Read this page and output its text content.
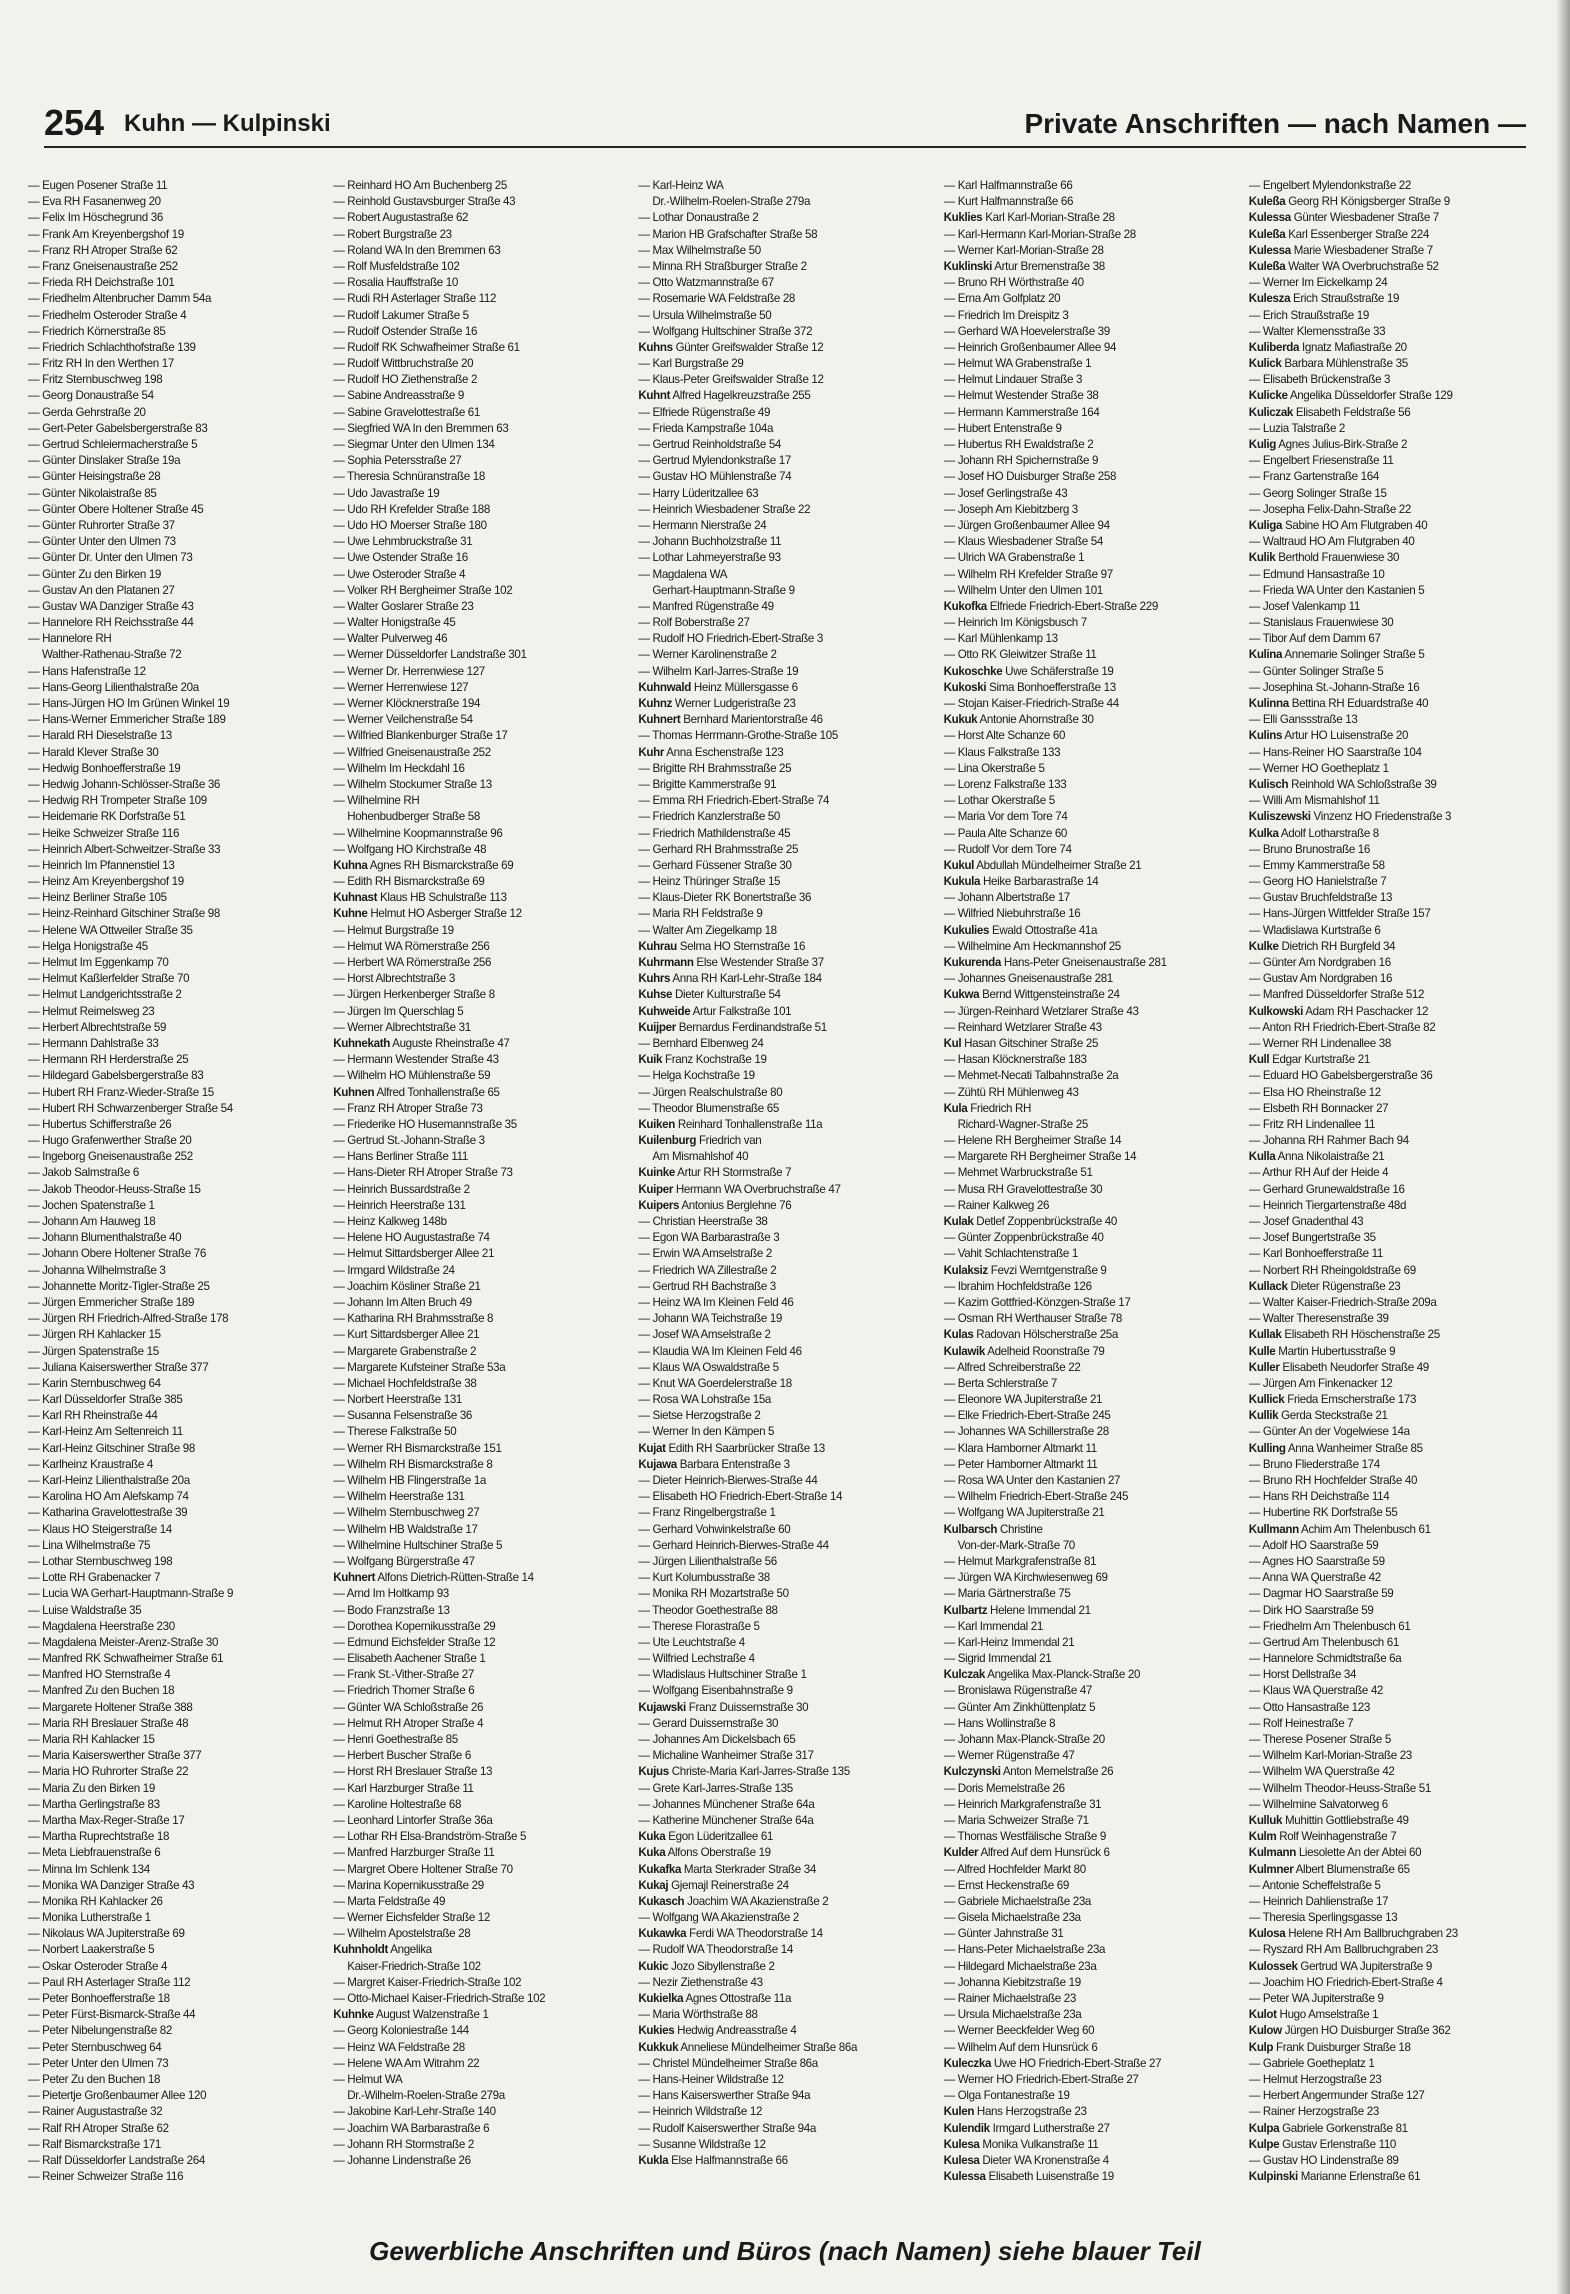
254 Kuhn — Kulpinski	Private Anschriften — nach Namen —
— Eugen Posener Straße 11
— Eva RH Fasanenweg 20
— Felix Im Höschegrund 36
— Frank Am Kreyenbergshof 19
— Franz RH Atroper Straße 62
— Franz Gneisenaustraße 252
— Frieda RH Deichstraße 101
— Friedhelm Altenbrucher Damm 54a
— Friedhelm Osteroder Straße 4
— Friedrich Körnerstraße 85
— Friedrich Schlachthofstraße 139
— Fritz RH In den Werthen 17
— Fritz Sternbuschweg 198
— Georg Donaustraße 54
— Gerda Gehrstraße 20
— Gert-Peter Gabelsbergerstraße 83
— Gertrud Schleiermacherstraße 5
— Günter Dinslaker Straße 19a
— Günter Heisingstraße 28
— Günter Nikolaistraße 85
— Günter Obere Holtener Straße 45
— Günter Ruhrorter Straße 37
— Günter Unter den Ulmen 73
— Günter Dr. Unter den Ulmen 73
— Günter Zu den Birken 19
— Gustav An den Platanen 27
— Gustav WA Danziger Straße 43
— Hannelore RH Reichsstraße 44
— Hannelore RH
Walther-Rathenau-Straße 72
— Hans Hafenstraße 12
— Hans-Georg Lilienthalstraße 20a
— Hans-Jürgen HO Im Grünen Winkel 19
— Hans-Werner Emmericher Straße 189
— Harald RH Dieselstraße 13
— Harald Klever Straße 30
— Hedwig Bonhoefferstraße 19
— Hedwig Johann-Schlösser-Straße 36
— Hedwig RH Trompeter Straße 109
— Heidemarie RK Dorfstraße 51
— Heike Schweizer Straße 116
— Heinrich Albert-Schweitzer-Straße 33
— Heinrich Im Pfannenstiel 13
— Heinz Am Kreyenbergshof 19
— Heinz Berliner Straße 105
— Heinz-Reinhard Gitschiner Straße 98
— Helene WA Ottweiler Straße 35
— Helga Honigstraße 45
— Helmut Im Eggenkamp 70
— Helmut Kaßlerfelder Straße 70
— Helmut Landgerichtsstraße 2
— Helmut Reimelsweg 23
— Herbert Albrechtstraße 59
— Hermann Dahlstraße 33
— Hermann RH Herderstraße 25
— Hildegard Gabelsbergerstraße 83
— Hubert RH Franz-Wieder-Straße 15
— Hubert RH Schwarzenberger Straße 54
— Hubertus Schifferstraße 26
— Hugo Grafenwerther Straße 20
— Ingeborg Gneisenaustraße 252
— Jakob Salmstraße 6
— Jakob Theodor-Heuss-Straße 15
— Jochen Spatenstraße 1
— Johann Am Hauweg 18
— Johann Blumenthalstraße 40
— Johann Obere Holtener Straße 76
— Johanna Wilhelmstraße 3
— Johannette Moritz-Tigler-Straße 25
— Jürgen Emmericher Straße 189
— Jürgen RH Friedrich-Alfred-Straße 178
— Jürgen RH Kahlacker 15
— Jürgen Spatenstraße 15
— Juliana Kaiserswerther Straße 377
— Karin Sternbuschweg 64
— Karl Düsseldorfer Straße 385
— Karl RH Rheinstraße 44
— Karl-Heinz Am Seltenreich 11
— Karl-Heinz Gitschiner Straße 98
— Karlheinz Kraustraße 4
— Karl-Heinz Lilienthalstraße 20a
— Karolina HO Am Alefskamp 74
— Katharina Gravelottestraße 39
— Klaus HO Steigerstraße 14
— Lina Wilhelmstraße 75
— Lothar Sternbuschweg 198
— Lotte RH Grabenacker 7
— Lucia WA Gerhart-Hauptmann-Straße 9
— Luise Waldstraße 35
— Magdalena Heerstraße 230
— Magdalena Meister-Arenz-Straße 30
— Manfred RK Schwafheimer Straße 61
— Manfred HO Sternstraße 4
— Manfred Zu den Buchen 18
— Margarete Holtener Straße 388
— Maria RH Breslauer Straße 48
— Maria RH Kahlacker 15
— Maria Kaiserswerther Straße 377
— Maria HO Ruhrorter Straße 22
— Maria Zu den Birken 19
— Martha Gerlingstraße 83
— Martha Max-Reger-Straße 17
— Martha Ruprechtstraße 18
— Meta Liebfrauenstraße 6
— Minna Im Schlenk 134
— Monika WA Danziger Straße 43
— Monika RH Kahlacker 26
— Monika Lutherstraße 1
— Nikolaus WA Jupiterstraße 69
— Norbert Laakerstraße 5
— Oskar Osteroder Straße 4
— Paul RH Asterlager Straße 112
— Peter Bonhoefferstraße 18
— Peter Fürst-Bismarck-Straße 44
— Peter Nibelungenstraße 82
— Peter Sternbuschweg 64
— Peter Unter den Ulmen 73
— Peter Zu den Buchen 18
— Pietertje Großenbaumer Allee 120
— Rainer Augustastraße 32
— Ralf RH Atroper Straße 62
— Ralf Bismarckstraße 171
— Ralf Düsseldorfer Landstraße 264
— Reiner Schweizer Straße 116
— Reinhard HO Am Buchenberg 25
— Reinhold Gustavsburger Straße 43
— Robert Augustastraße 62
— Robert Burgstraße 23
— Roland WA In den Bremmen 63
— Rolf Musfeldstraße 102
— Rosalia Hauffstraße 10
— Rudi RH Asterlager Straße 112
— Rudolf Lakumer Straße 5
— Rudolf Ostender Straße 16
— Rudolf RK Schwafheimer Straße 61
— Rudolf Wittbruchstraße 20
— Rudolf HO Ziethenstraße 2
— Sabine Andreasstraße 9
— Sabine Gravelottestraße 61
— Siegfried WA In den Bremmen 63
— Siegmar Unter den Ulmen 134
— Sophia Petersstraße 27
— Theresia Schnüranstraße 18
— Udo Javastraße 19
— Udo RH Krefelder Straße 188
— Udo HO Moerser Straße 180
— Uwe Lehmbruckstraße 31
— Uwe Ostender Straße 16
— Uwe Osteroder Straße 4
— Volker RH Bergheimer Straße 102
— Walter Goslarer Straße 23
— Walter Honigstraße 45
— Walter Pulverweg 46
— Werner Düsseldorfer Landstraße 301
— Werner Dr. Herrenwiese 127
— Werner Herrenwiese 127
— Werner Klöcknerstraße 194
— Werner Veilchenstraße 54
— Wilfried Blankenburger Straße 17
— Wilfried Gneisenaustraße 252
— Wilhelm Im Heckdahl 16
— Wilhelm Stockumer Straße 13
— Wilhelmine RH
Hohenbudberger Straße 58
— Wilhelmine Koopmannstraße 96
— Wolfgang HO Kirchstraße 48
Kuhna Agnes RH Bismarckstraße 69
— Edith RH Bismarckstraße 69
Kuhnast Klaus HB Schulstraße 113
Kuhne Helmut HO Asberger Straße 12
— Helmut Burgstraße 19
— Helmut WA Römerstraße 256
— Herbert WA Römerstraße 256
— Horst Albrechtstraße 3
— Jürgen Herkenberger Straße 8
— Jürgen Im Querschlag 5
— Werner Albrechtstraße 31
Kuhnekath Auguste Rheinstraße 47
— Hermann Westender Straße 43
— Wilhelm HO Mühlenstraße 59
Kuhnen Alfred Tonhallenstraße 65
— Franz RH Atroper Straße 73
— Friederike HO Husemannstraße 35
— Gertrud St.-Johann-Straße 3
— Hans Berliner Straße 111
— Hans-Dieter RH Atroper Straße 73
— Heinrich Bussardstraße 2
— Heinrich Heerstraße 131
— Heinz Kalkweg 148b
— Helene HO Augustastraße 74
— Helmut Sittardsberger Allee 21
— Irmgard Wildstraße 24
— Joachim Kösliner Straße 21
— Johann Im Alten Bruch 49
— Katharina RH Brahmsstraße 8
— Kurt Sittardsberger Allee 21
— Margarete Grabenstraße 2
— Margarete Kufsteiner Straße 53a
— Michael Hochfeldstraße 38
— Norbert Heerstraße 131
— Susanna Felsenstraße 36
— Therese Falkstraße 50
— Werner RH Bismarckstraße 151
— Wilhelm RH Bismarckstraße 8
— Wilhelm HB Flingerstraße 1a
— Wilhelm Heerstraße 131
— Wilhelm Sternbuschweg 27
— Wilhelm HB Waldstraße 17
— Wilhelmine Hultschiner Straße 5
— Wolfgang Bürgerstraße 47
Kuhnert Alfons Dietrich-Rütten-Straße 14
— Arnd Im Holtkamp 93
— Bodo Franzstraße 13
— Dorothea Kopernikusstraße 29
— Edmund Eichsfelder Straße 12
— Elisabeth Aachener Straße 1
— Frank St.-Vither-Straße 27
— Friedrich Thomer Straße 6
— Günter WA Schloßstraße 26
— Helmut RH Atroper Straße 4
— Henri Goethestraße 85
— Herbert Buscher Straße 6
— Horst RH Breslauer Straße 13
— Karl Harzburger Straße 11
— Karoline Holtestraße 68
— Leonhard Lintorfer Straße 36a
— Lothar RH Elsa-Brandström-Straße 5
— Manfred Harzburger Straße 11
— Margret Obere Holtener Straße 70
— Marina Kopernikusstraße 29
— Marta Feldstraße 49
— Werner Eichsfelder Straße 12
— Wilhelm Apostelstraße 28
Kuhnholdt Angelika
Kaiser-Friedrich-Straße 102
— Margret Kaiser-Friedrich-Straße 102
— Otto-Michael Kaiser-Friedrich-Straße 102
Kuhnke August Walzenstraße 1
— Georg Koloniestraße 144
— Heinz WA Feldstraße 28
— Helene WA Am Witrahm 22
— Helmut WA
Dr.-Wilhelm-Roelen-Straße 279a
— Jakobine Karl-Lehr-Straße 140
— Joachim WA Barbarastraße 6
— Johann RH Stormstraße 2
— Johanne Lindenstraße 26
— Karl-Heinz WA
Dr.-Wilhelm-Roelen-Straße 279a
— Lothar Donaustraße 2
— Marion HB Grafschafter Straße 58
— Max Wilhelmstraße 50
— Minna RH Straßburger Straße 2
— Otto Watzmannstraße 67
— Rosemarie WA Feldstraße 28
— Ursula Wilhelmstraße 50
— Wolfgang Hultschiner Straße 372
Kuhns Günter Greifswalder Straße 12
— Karl Burgstraße 29
— Klaus-Peter Greifswalder Straße 12
Kuhnt Alfred Hagelkreuzstraße 255
— Elfriede Rügenstraße 49
— Frieda Kampstraße 104a
— Gertrud Reinholdstraße 54
— Gertrud Mylendonkstraße 17
— Gustav HO Mühlenstraße 74
— Harry Lüderitzallee 63
— Heinrich Wiesbadener Straße 22
— Hermann Nierstraße 24
— Johann Buchholzstraße 11
— Lothar Lahmeyerstraße 93
— Magdalena WA
Gerhart-Hauptmann-Straße 9
— Manfred Rügenstraße 49
— Rolf Boberstraße 27
— Rudolf HO Friedrich-Ebert-Straße 3
— Werner Karolinenstraße 2
— Wilhelm Karl-Jarres-Straße 19
Kuhnwald Heinz Müllersgasse 6
Kuhnz Werner Ludgeristraße 23
Kuhnert Bernhard Marientorstraße 46
— Thomas Herrmann-Grothe-Straße 105
Kuhr Anna Eschenstraße 123
— Brigitte RH Brahmsstraße 25
— Brigitte Kammerstraße 91
— Emma RH Friedrich-Ebert-Straße 74
— Friedrich Kanzlerstraße 50
— Friedrich Mathildenstraße 45
— Gerhard RH Brahmsstraße 25
— Gerhard Füssener Straße 30
— Heinz Thüringer Straße 15
— Klaus-Dieter RK Bonertstraße 36
— Maria RH Feldstraße 9
— Walter Am Ziegelkamp 18
Kuhrau Selma HO Sternstraße 16
Kuhrmann Else Westender Straße 37
Kuhrs Anna RH Karl-Lehr-Straße 184
Kuhse Dieter Kulturstraße 54
Kuhweide Artur Falkstraße 101
Kuijper Bernardus Ferdinandstraße 51
— Bernhard Elbenweg 24
Kuik Franz Kochstraße 19
— Helga Kochstraße 19
— Jürgen Realschulstraße 80
— Theodor Blumenstraße 65
Kuiken Reinhard Tonhallenstraße 11a
Kuilenburg Friedrich van
Am Mismahlshof 40
Kuinke Artur RH Stormstraße 7
Kuiper Hermann WA Overbruchstraße 47
Kuipers Antonius Berglehne 76
— Christian Heerstraße 38
— Egon WA Barbarastraße 3
— Erwin WA Amselstraße 2
— Friedrich WA Zillestraße 2
— Gertrud RH Bachstraße 3
— Heinz WA Im Kleinen Feld 46
— Johann WA Teichstraße 19
— Josef WA Amselstraße 2
— Klaudia WA Im Kleinen Feld 46
— Klaus WA Oswaldstraße 5
— Knut WA Goerdelerstraße 18
— Rosa WA Lohstraße 15a
— Sietse Herzogstraße 2
— Werner In den Kämpen 5
Kujat Edith RH Saarbrücker Straße 13
Kujawa Barbara Entenstraße 3
— Dieter Heinrich-Bierwes-Straße 44
— Elisabeth HO Friedrich-Ebert-Straße 14
— Franz Ringelbergstraße 1
— Gerhard Vohwinkelstraße 60
— Gerhard Heinrich-Bierwes-Straße 44
— Jürgen Lilienthalstraße 56
— Kurt Kolumbusstraße 38
— Monika RH Mozartstraße 50
— Theodor Goethestraße 88
— Therese Florastraße 5
— Ute Leuchtstraße 4
— Wilfried Lechstraße 4
— Wladislaus Hultschiner Straße 1
— Wolfgang Eisenbahnstraße 9
Kujawski Franz Duissernstraße 30
— Gerard Duissernstraße 30
— Johannes Am Dickelsbach 65
— Michaline Wanheimer Straße 317
Kujus Christe-Maria Karl-Jarres-Straße 135
— Grete Karl-Jarres-Straße 135
— Johannes Münchener Straße 64a
— Katherine Münchener Straße 64a
Kuka Egon Lüderitzallee 61
Kuka Alfons Oberstraße 19
Kukafka Marta Sterkrader Straße 34
Kukaj Gjemajl Reinerstraße 24
Kukasch Joachim WA Akazienstraße 2
— Wolfgang WA Akazienstraße 2
Kukawka Ferdi WA Theodorstraße 14
— Rudolf WA Theodorstraße 14
Kukic Jozo Sibyllenstraße 2
— Nezir Ziethenstraße 43
Kukielka Agnes Ottostraße 11a
— Maria Wörthstraße 88
Kukies Hedwig Andreasstraße 4
Kukkuk Anneliese Mündelheimer Straße 86a
— Christel Mündelheimer Straße 86a
— Hans-Heiner Wildstraße 12
— Hans Kaiserswerther Straße 94a
— Heinrich Wildstraße 12
— Rudolf Kaiserswerther Straße 94a
— Susanne Wildstraße 12
Kukla Else Halfmannstraße 66
— Karl Halfmannstraße 66
— Kurt Halfmannstraße 66
Kuklies Karl Karl-Morian-Straße 28
— Karl-Hermann Karl-Morian-Straße 28
— Werner Karl-Morian-Straße 28
Kuklinski Artur Bremenstraße 38
— Bruno RH Wörthstraße 40
— Erna Am Golfplatz 20
— Friedrich Im Dreispitz 3
— Gerhard WA Hoevelerstraße 39
— Heinrich Großenbaumer Allee 94
— Helmut WA Grabenstraße 1
— Helmut Lindauer Straße 3
— Helmut Westender Straße 38
— Hermann Kammerstraße 164
— Hubert Entenstraße 9
— Hubertus RH Ewaldstraße 2
— Johann RH Spichernstraße 9
— Josef HO Duisburger Straße 258
— Josef Gerlingstraße 43
— Joseph Am Kiebitzberg 3
— Jürgen Großenbaumer Allee 94
— Klaus Wiesbadener Straße 54
— Ulrich WA Grabenstraße 1
— Wilhelm RH Krefelder Straße 97
— Wilhelm Unter den Ulmen 101
Kukofka Elfriede Friedrich-Ebert-Straße 229
— Heinrich Im Königsbusch 7
— Karl Mühlenkamp 13
— Otto RK Gleiwitzer Straße 11
Kukoschke Uwe Schäferstraße 19
Kukoski Sima Bonhoefferstraße 13
— Stojan Kaiser-Friedrich-Straße 44
Kukuk Antonie Ahornstraße 30
— Horst Alte Schanze 60
— Klaus Falkstraße 133
— Lina Okerstraße 5
— Lorenz Falkstraße 133
— Lothar Okerstraße 5
— Maria Vor dem Tore 74
— Paula Alte Schanze 60
— Rudolf Vor dem Tore 74
Kukul Abdullah Mündelheimer Straße 21
Kukula Heike Barbarastraße 14
— Johann Albertstraße 17
— Wilfried Niebuhrstraße 16
Kukulies Ewald Ottostraße 41a
— Wilhelmine Am Heckmannshof 25
Kukurenda Hans-Peter Gneisenaustraße 281
— Johannes Gneisenaustraße 281
Kukwa Bernd Wittgensteinstraße 24
— Jürgen-Reinhard Wetzlarer Straße 43
— Reinhard Wetzlarer Straße 43
Kul Hasan Gitschiner Straße 25
— Hasan Klöcknerstraße 183
— Mehmet-Necati Talbahnstraße 2a
— Zühtü RH Mühlenweg 43
Kula Friedrich RH
Richard-Wagner-Straße 25
— Helene RH Bergheimer Straße 14
— Margarete RH Bergheimer Straße 14
— Mehmet Warbruckstraße 51
— Musa RH Gravelottestraße 30
— Rainer Kalkweg 26
Kulak Detlef Zoppenbrückstraße 40
— Günter Zoppenbrückstraße 40
— Vahit Schlachtenstraße 1
Kulaksiz Fevzi Werntgenstraße 9
— Ibrahim Hochfeldstraße 126
— Kazim Gottfried-Könzgen-Straße 17
— Osman RH Werthauser Straße 78
Kulas Radovan Hölscherstraße 25a
Kulawik Adelheid Roonstraße 79
— Alfred Schreiberstraße 22
— Berta Schlerstraße 7
— Eleonore WA Jupiterstraße 21
— Elke Friedrich-Ebert-Straße 245
— Johannes WA Schillerstraße 28
— Klara Hamborner Altmarkt 11
— Peter Hamborner Altmarkt 11
— Rosa WA Unter den Kastanien 27
— Wilhelm Friedrich-Ebert-Straße 245
— Wolfgang WA Jupiterstraße 21
Kulbarsch Christine
Von-der-Mark-Straße 70
— Helmut Markgrafenstraße 81
— Jürgen WA Kirchwiesenweg 69
— Maria Gärtnerstraße 75
Kulbartz Helene Immendal 21
— Karl Immendal 21
— Karl-Heinz Immendal 21
— Sigrid Immendal 21
Kulczak Angelika Max-Planck-Straße 20
— Bronislawa Rügenstraße 47
— Günter Am Zinkhüttenplatz 5
— Hans Wollinstraße 8
— Johann Max-Planck-Straße 20
— Werner Rügenstraße 47
Kulczynski Anton Memelstraße 26
— Doris Memelstraße 26
— Heinrich Markgrafenstraße 31
— Maria Schweizer Straße 71
— Thomas Westfälische Straße 9
Kulder Alfred Auf dem Hunsrück 6
— Alfred Hochfelder Markt 80
— Ernst Heckenstraße 69
— Gabriele Michaelstraße 23a
— Gisela Michaelstraße 23a
— Günter Jahnstraße 31
— Hans-Peter Michaelstraße 23a
— Hildegard Michaelstraße 23a
— Johanna Kiebitzstraße 19
— Rainer Michaelstraße 23
— Ursula Michaelstraße 23a
— Werner Beeckfelder Weg 60
— Wilhelm Auf dem Hunsrück 6
Kuleczka Uwe HO Friedrich-Ebert-Straße 27
— Werner HO Friedrich-Ebert-Straße 27
— Olga Fontanestraße 19
Kulen Hans Herzogstraße 23
Kulendik Irmgard Lutherstraße 27
Kulesa Monika Vulkanstraße 11
Kulesa Dieter WA Kronenstraße 4
Kulessa Elisabeth Luisenstraße 19
— Engelbert Mylendonkstraße 22
Kuleßa Georg RH Königsberger Straße 9
Kulessa Günter Wiesbadener Straße 7
Kuleßa Karl Essenberger Straße 224
Kulessa Marie Wiesbadener Straße 7
Kuleßa Walter WA Overbruchstraße 52
— Werner Im Eickelkamp 24
Kulesza Erich Straußstraße 19
— Erich Straußstraße 19
— Walter Klemensstraße 33
Kuliberda Ignatz Mafiastraße 20
Kulick Barbara Mühlenstraße 35
— Elisabeth Brückenstraße 3
Kulicke Angelika Düsseldorfer Straße 129
Kuliczak Elisabeth Feldstraße 56
— Luzia Talstraße 2
Kulig Agnes Julius-Birk-Straße 2
— Engelbert Friesenstraße 11
— Franz Gartenstraße 164
— Georg Solinger Straße 15
— Josepha Felix-Dahn-Straße 22
Kuliga Sabine HO Am Flutgraben 40
— Waltraud HO Am Flutgraben 40
Kulik Berthold Frauenwiese 30
— Edmund Hansastraße 10
— Frieda WA Unter den Kastanien 5
— Josef Valenkamp 11
— Stanislaus Frauenwiese 30
— Tibor Auf dem Damm 67
Kulina Annemarie Solinger Straße 5
— Günter Solinger Straße 5
— Josephina St.-Johann-Straße 16
Kulinna Bettina RH Eduardstraße 40
— Elli Ganssstraße 13
Kulins Artur HO Luisenstraße 20
— Hans-Reiner HO Saarstraße 104
— Werner HO Goetheplatz 1
Kulisch Reinhold WA Schloßstraße 39
— Willi Am Mismahlshof 11
Kuliszewski Vinzenz HO Friedenstraße 3
Kulka Adolf Lotharstraße 8
— Bruno Brunostraße 16
— Emmy Kammerstraße 58
— Georg HO Hanielstraße 7
— Gustav Bruchfeldstraße 13
— Hans-Jürgen Wittfelder Straße 157
— Wladislawa Kurtstraße 6
Kulke Dietrich RH Burgfeld 34
— Günter Am Nordgraben 16
— Gustav Am Nordgraben 16
— Manfred Düsseldorfer Straße 512
Kulkowski Adam RH Paschacker 12
— Anton RH Friedrich-Ebert-Straße 82
— Werner RH Lindenallee 38
Kull Edgar Kurtstraße 21
— Eduard HO Gabelsbergerstraße 36
— Elsa HO Rheinstraße 12
— Elsbeth RH Bonnacker 27
— Fritz RH Lindenallee 11
— Johanna RH Rahmer Bach 94
Kulla Anna Nikolaistraße 21
— Arthur RH Auf der Heide 4
— Gerhard Grunewaldstraße 16
— Heinrich Tiergartenstraße 48d
— Josef Gnadenthal 43
— Josef Bungertstraße 35
— Karl Bonhoefferstraße 11
— Norbert RH Rheingoldstraße 69
Kullack Dieter Rügenstraße 23
— Walter Kaiser-Friedrich-Straße 209a
— Walter Theresenstraße 39
Kullak Elisabeth RH Höschenstraße 25
Kulle Martin Hubertusstraße 9
Kuller Elisabeth Neudorfer Straße 49
— Jürgen Am Finkenacker 12
Kullick Frieda Emscherstraße 173
Kullik Gerda Steckstraße 21
— Günter An der Vogelwiese 14a
Kulling Anna Wanheimer Straße 85
— Bruno Fliederstraße 174
— Bruno RH Hochfelder Straße 40
— Hans RH Deichstraße 114
— Hubertine RK Dorfstraße 55
Kullmann Achim Am Thelenbusch 61
— Adolf HO Saarstraße 59
— Agnes HO Saarstraße 59
— Anna WA Querstraße 42
— Dagmar HO Saarstraße 59
— Dirk HO Saarstraße 59
— Friedhelm Am Thelenbusch 61
— Gertrud Am Thelenbusch 61
— Hannelore Schmidtstraße 6a
— Horst Dellstraße 34
— Klaus WA Querstraße 42
— Otto Hansastraße 123
— Rolf Heinestraße 7
— Therese Posener Straße 5
— Wilhelm Karl-Morian-Straße 23
— Wilhelm WA Querstraße 42
— Wilhelm Theodor-Heuss-Straße 51
— Wilhelmine Salvatorweg 6
Kulluk Muhittin Gottliebstraße 49
Kulm Rolf Weinhagenstraße 7
Kulmann Liesolette An der Abtei 60
Kulmner Albert Blumenstraße 65
— Antonie Scheffelstraße 5
— Heinrich Dahlienstraße 17
— Theresia Sperlingsgasse 13
Kulosa Helene RH Am Ballbruchgraben 23
— Ryszard RH Am Ballbruchgraben 23
Kulossek Gertrud WA Jupiterstraße 9
— Joachim HO Friedrich-Ebert-Straße 4
— Peter WA Jupiterstraße 9
Kulot Hugo Amselstraße 1
Kulow Jürgen HO Duisburger Straße 362
Kulp Frank Duisburger Straße 18
— Gabriele Goetheplatz 1
— Helmut Herzogstraße 23
— Herbert Angermunder Straße 127
— Rainer Herzogstraße 23
Kulpa Gabriele Gorkenstraße 81
Kulpe Gustav Erlenstraße 110
— Gustav HO Lindenstraße 89
Kulpinski Marianne Erlenstraße 61
Gewerbliche Anschriften und Büros (nach Namen) siehe blauer Teil
